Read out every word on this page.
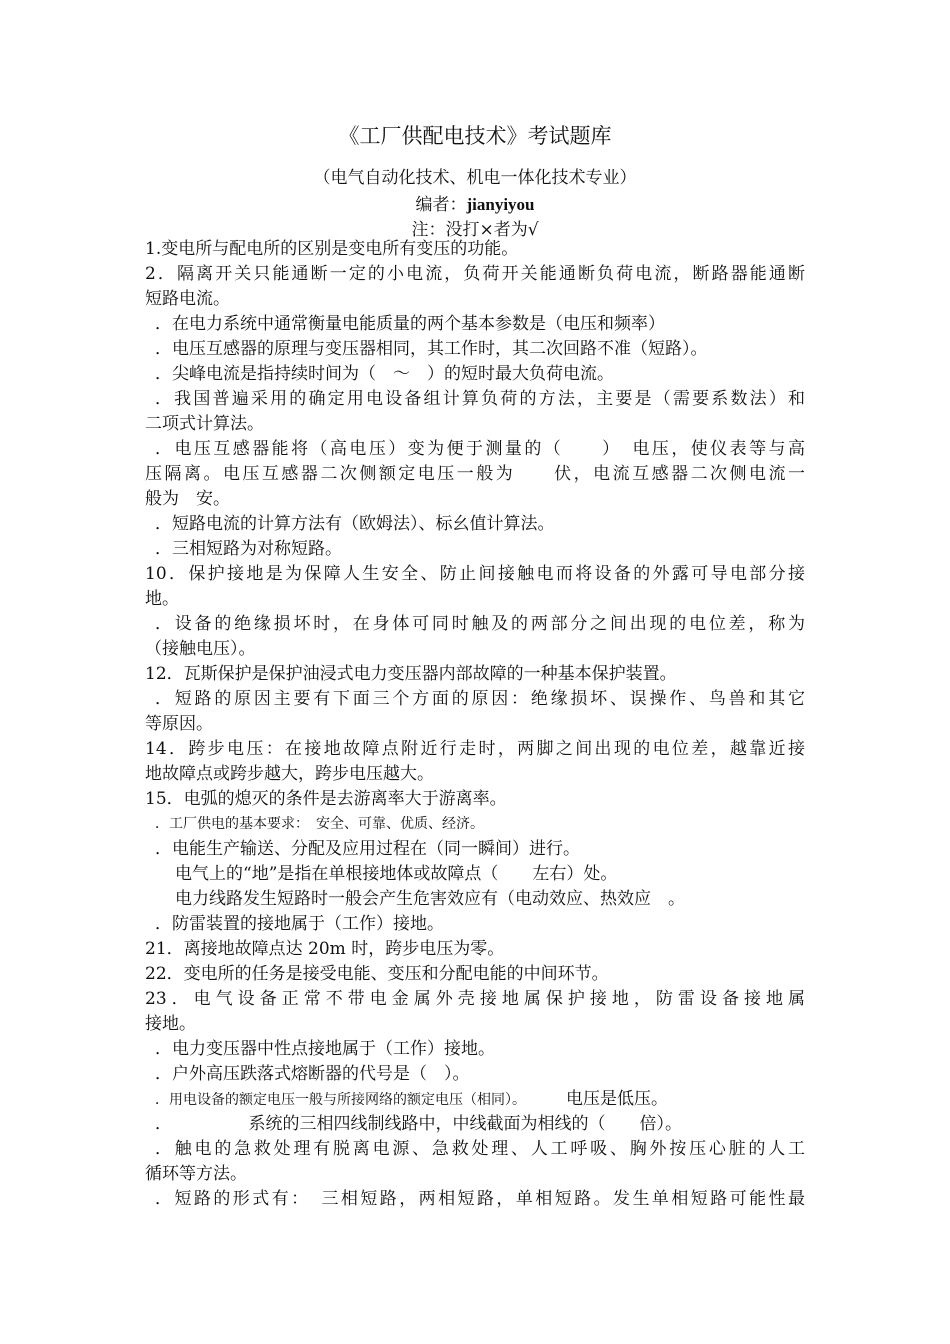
《工厂供配电技术》考试题库
（电气自动化技术、机电一体化技术专业）
编者：jianyiyou
注：没打×者为√
1.变电所与配电所的区别是变电所有变压的功能。
2．隔离开关只能通断一定的小电流，负荷开关能通断负荷电流，断路器能通断
短路电流。
．在电力系统中通常衡量电能质量的两个基本参数是（电压和频率）
．电压互感器的原理与变压器相同，其工作时，其二次回路不准（短路）。
．尖峰电流是指持续时间为（　～　）的短时最大负荷电流。
．我国普遍采用的确定用电设备组计算负荷的方法，主要是（需要系数法）和
二项式计算法。
．电压互感器能将（高电压）变为便于测量的（　　）　电压，使仪表等与高
压隔离。电压互感器二次侧额定电压一般为　　伏，电流互感器二次侧电流一
般为　安。
．短路电流的计算方法有（欧姆法）、标幺值计算法。
．三相短路为对称短路。
10．保护接地是为保障人生安全、防止间接触电而将设备的外露可导电部分接
地。
．设备的绝缘损坏时，在身体可同时触及的两部分之间出现的电位差，称为
（接触电压）。
12．瓦斯保护是保护油浸式电力变压器内部故障的一种基本保护装置。
．短路的原因主要有下面三个方面的原因：绝缘损坏、误操作、鸟兽和其它
等原因。
14．跨步电压：在接地故障点附近行走时，两脚之间出现的电位差，越靠近接
地故障点或跨步越大，跨步电压越大。
15．电弧的熄灭的条件是去游离率大于游离率。
．工厂供电的基本要求：　安全、可靠、优质、经济。
．电能生产输送、分配及应用过程在（同一瞬间）进行。
电气上的“地”是指在单根接地体或故障点（　　左右）处。
电力线路发生短路时一般会产生危害效应有（电动效应、热效应　。
．防雷装置的接地属于（工作）接地。
21．离接地故障点达 20m 时，跨步电压为零。
22．变电所的任务是接受电能、变压和分配电能的中间环节。
23．电气设备正常不带电金属外壳接地属保护接地，防雷设备接地属
接地。
．电力变压器中性点接地属于（工作）接地。
．户外高压跌落式熔断器的代号是（　）。
．用电设备的额定电压一般与所接网络的额定电压（相同）。 电压是低压。
．　　　　　系统的三相四线制线路中，中线截面为相线的（　　倍）。
．触电的急救处理有脱离电源、急救处理、人工呼吸、胸外按压心脏的人工
循环等方法。
．短路的形式有：　三相短路，两相短路，单相短路。发生单相短路可能性最
